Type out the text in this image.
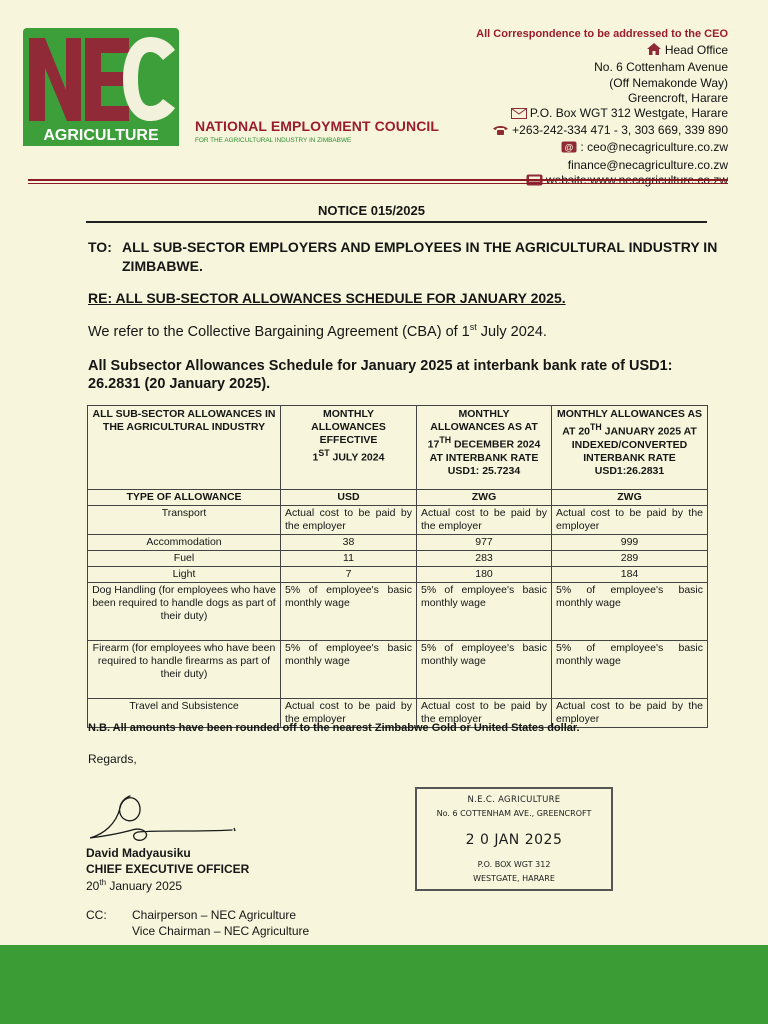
AGRICULTURE
NATIONAL EMPLOYMENT COUNCIL
FOR THE AGRICULTURAL INDUSTRY IN ZIMBABWE
All Correspondence to be addressed to the CEO
Head Office
No. 6 Cottenham Avenue
(Off Nemakonde Way)
Greencroft, Harare
P.O. Box WGT 312 Westgate, Harare
+263-242-334 471 - 3, 303 669, 339 890
@ : ceo@necagriculture.co.zw
finance@necagriculture.co.zw
NOTICE 015/2025
TO: ALL SUB-SECTOR EMPLOYERS AND EMPLOYEES IN THE AGRICULTURAL INDUSTRY IN ZIMBABWE.
RE: ALL SUB-SECTOR ALLOWANCES SCHEDULE FOR JANUARY 2025.
We refer to the Collective Bargaining Agreement (CBA) of 1st July 2024.
All Subsector Allowances Schedule for January 2025 at interbank bank rate of USD1: 26.2831 (20 January 2025).
ALL SUB-SECTOR ALLOWANCES IN THE AGRICULTURAL INDUSTRY	MONTHLY ALLOWANCES EFFECTIVE
1ST JULY 2024	MONTHLY ALLOWANCES AS AT 17TH DECEMBER 2024 AT INTERBANK RATE USD1: 25.7234	MONTHLY ALLOWANCES AS AT 20TH JANUARY 2025 AT INDEXED/CONVERTED INTERBANK RATE USD1:26.2831
TYPE OF ALLOWANCE	USD	ZWG	ZWG
Transport	Actual cost to be paid by the employer	Actual cost to be paid by the employer	Actual cost to be paid by the employer
Accommodation	38	977	999
Fuel	11	283	289
Light	7	180	184
Dog Handling (for employees who have been required to handle dogs as part of their duty)	5% of employee's basic monthly wage	5% of employee's basic monthly wage	5% of employee's basic monthly wage
Firearm (for employees who have been required to handle firearms as part of their duty)	5% of employee's basic monthly wage	5% of employee's basic monthly wage	5% of employee's basic monthly wage
Travel and Subsistence	Actual cost to be paid by the employer	Actual cost to be paid by the employer	Actual cost to be paid by the employer
N.B. All amounts have been rounded off to the nearest Zimbabwe Gold or United States dollar.
Regards,
David Madyausiku
CHIEF EXECUTIVE OFFICER
20th January 2025
N.E.C. AGRICULTURE
No. 6 COTTENHAM AVE., GREENCROFT
2 0 JAN 2025
P.O. BOX WGT 312
WESTGATE, HARARE
CC: Chairperson – NEC Agriculture
Vice Chairman – NEC Agriculture
